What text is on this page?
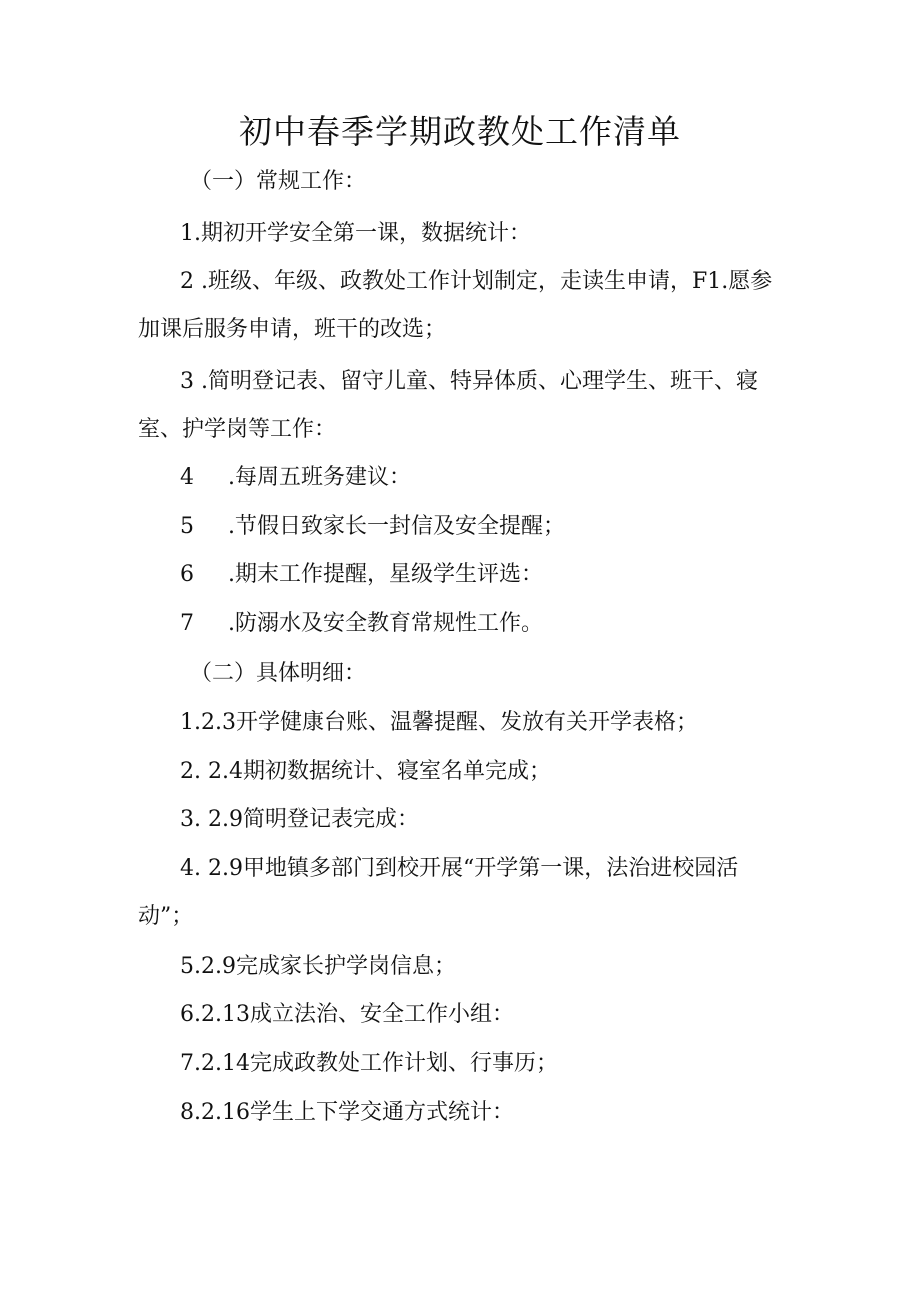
初中春季学期政教处工作清单
（一）常规工作：
1.期初开学安全第一课，数据统计：
2 .班级、年级、政教处工作计划制定，走读生申请，F1.愿参
加课后服务申请，班干的改选；
3 .简明登记表、留守儿童、特异体质、心理学生、班干、寝
室、护学岗等工作：
4 .每周五班务建议：
5 .节假日致家长一封信及安全提醒；
6 .期末工作提醒，星级学生评选：
7 .防溺水及安全教育常规性工作。
（二）具体明细：
1.2.3开学健康台账、温馨提醒、发放有关开学表格；
2. 2.4期初数据统计、寝室名单完成；
3. 2.9简明登记表完成：
4. 2.9甲地镇多部门到校开展“开学第一课，法治进校园活
动”；
5.2.9完成家长护学岗信息；
6.2.13成立法治、安全工作小组：
7.2.14完成政教处工作计划、行事历；
8.2.16学生上下学交通方式统计：
